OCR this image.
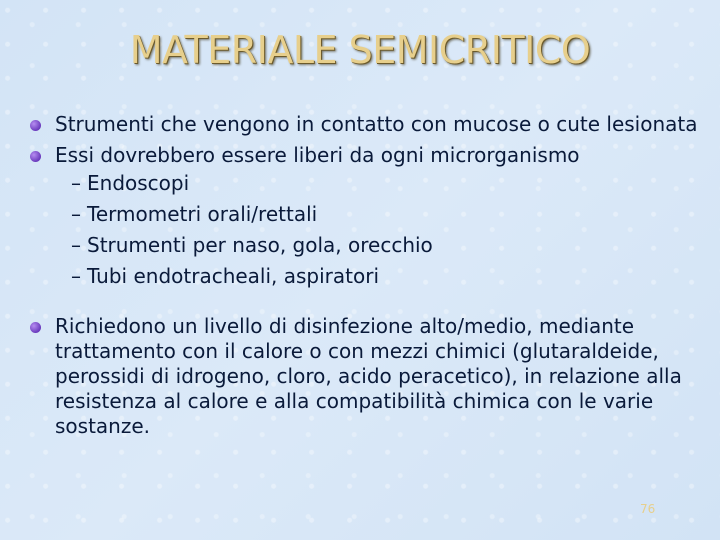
MATERIALE SEMICRITICO
Strumenti che vengono in contatto con mucose o cute lesionata
Essi dovrebbero essere liberi da ogni microrganismo
– Endoscopi
– Termometri orali/rettali
– Strumenti per naso, gola, orecchio
– Tubi endotracheali, aspiratori
Richiedono un livello di disinfezione alto/medio, mediante trattamento con il calore o con mezzi chimici (glutaraldeide, perossidi di idrogeno, cloro, acido peracetico), in relazione alla resistenza al calore e alla compatibilità chimica con le varie sostanze.
76
